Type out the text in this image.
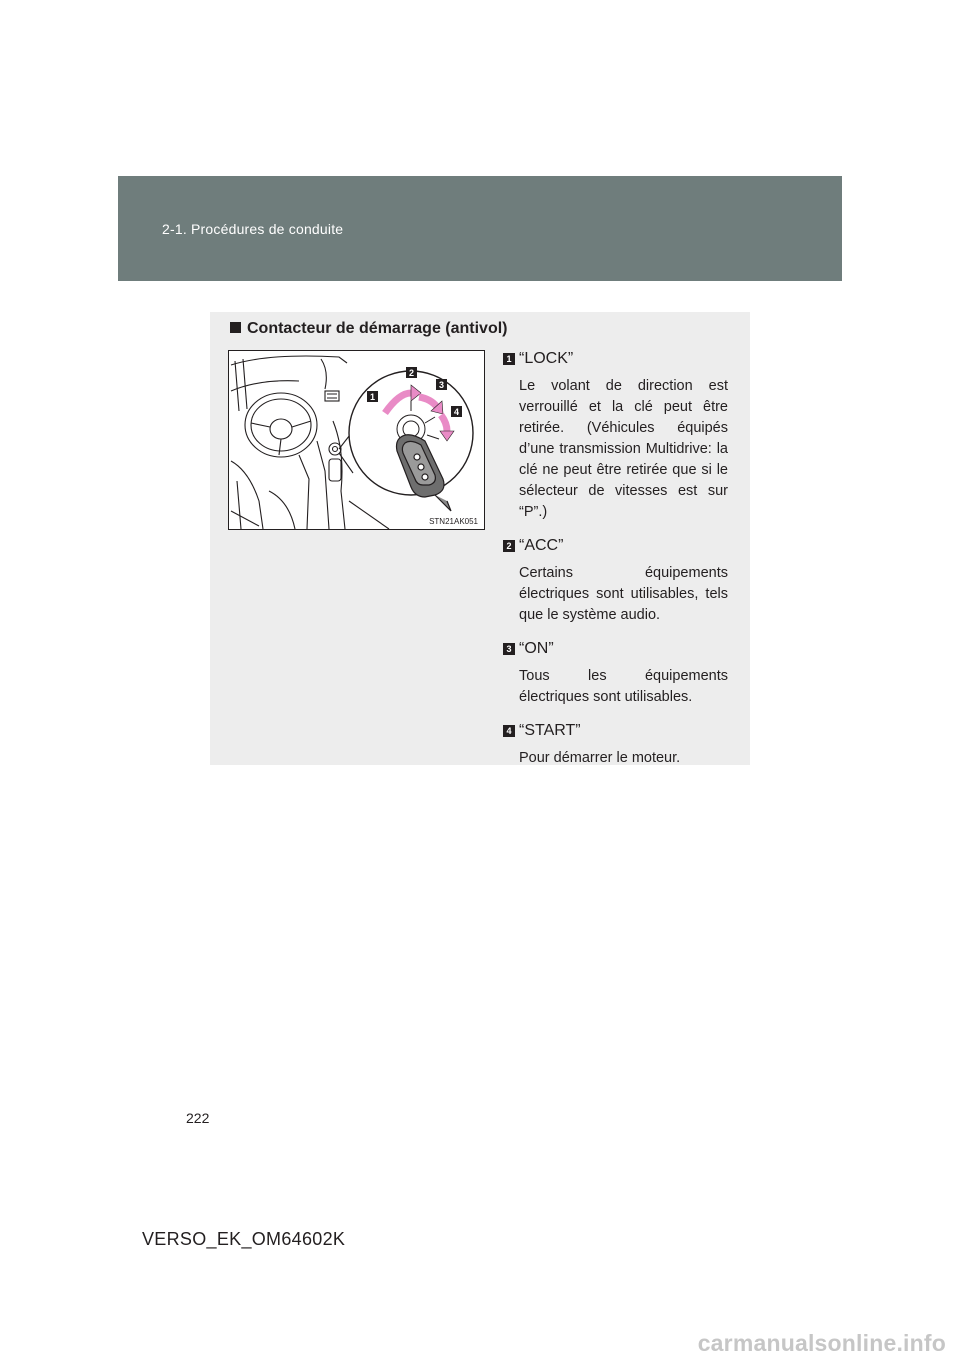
2-1. Procédures de conduite
Contacteur de démarrage (antivol)
1
2
3
4
STN21AK051
1 “LOCK”
Le volant de direction est verrouillé et la clé peut être retirée. (Véhicules équipés d’une transmission Multidrive: la clé ne peut être retirée que si le sélecteur de vitesses est sur “P”.)
2 “ACC”
Certains équipements électriques sont utilisables, tels que le système audio.
3 “ON”
Tous les équipements électriques sont utilisables.
4 “START”
Pour démarrer le moteur.
222
VERSO_EK_OM64602K
carmanualsonline.info
